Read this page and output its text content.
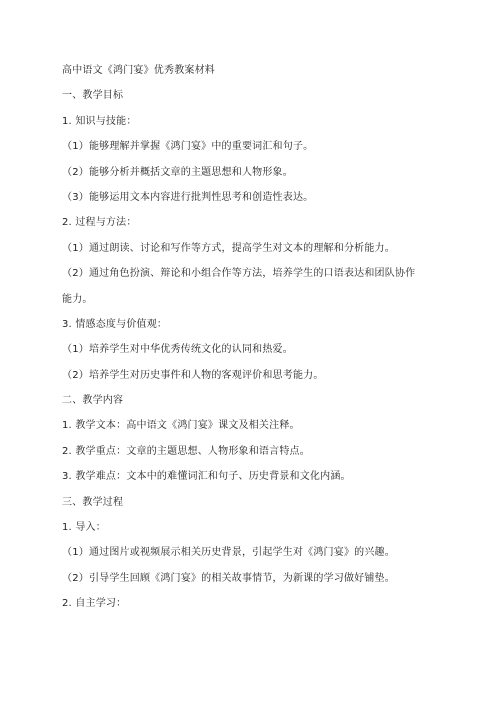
高中语文《鸿门宴》优秀教案材料
一、教学目标
1. 知识与技能：
（1）能够理解并掌握《鸿门宴》中的重要词汇和句子。
（2）能够分析并概括文章的主题思想和人物形象。
（3）能够运用文本内容进行批判性思考和创造性表达。
2. 过程与方法：
（1）通过朗读、讨论和写作等方式，提高学生对文本的理解和分析能力。
（2）通过角色扮演、辩论和小组合作等方法，培养学生的口语表达和团队协作
能力。
3. 情感态度与价值观：
（1）培养学生对中华优秀传统文化的认同和热爱。
（2）培养学生对历史事件和人物的客观评价和思考能力。
二、教学内容
1. 教学文本：高中语文《鸿门宴》课文及相关注释。
2. 教学重点：文章的主题思想、人物形象和语言特点。
3. 教学难点：文本中的难懂词汇和句子、历史背景和文化内涵。
三、教学过程
1. 导入：
（1）通过图片或视频展示相关历史背景，引起学生对《鸿门宴》的兴趣。
（2）引导学生回顾《鸿门宴》的相关故事情节，为新课的学习做好铺垫。
2. 自主学习：
